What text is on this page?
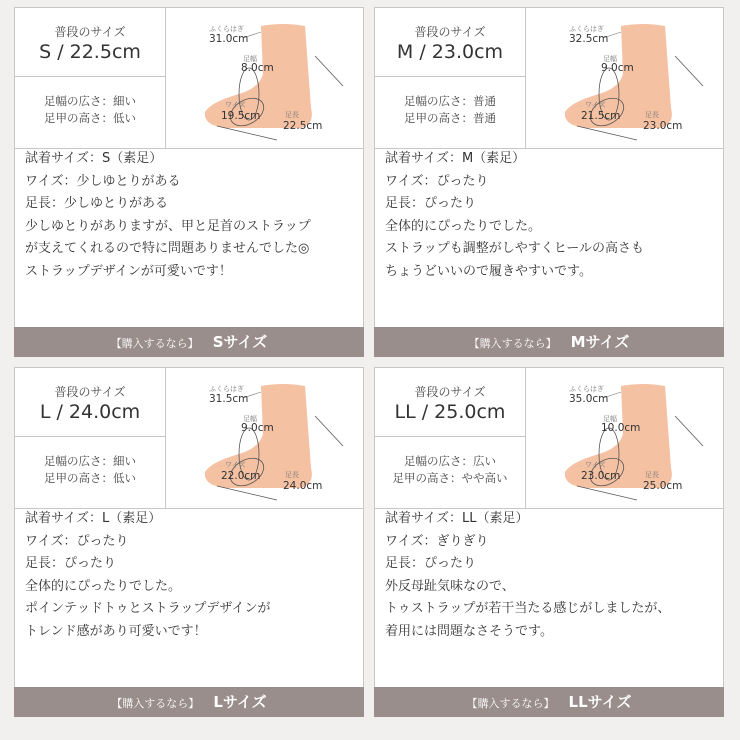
普段のサイズ
S / 22.5cm
足幅の広さ：細い
足甲の高さ：低い
ふくらはぎ
31.0cm
足幅
8.0cm
ワイズ
19.5cm	足長
22.5cm

試着サイズ：S（素足）

ワイズ：少しゆとりがある

足長：少しゆとりがある

少しゆとりがありますが、甲と足首のストラップ

が支えてくれるので特に問題ありませんでした◎

ストラップデザインが可愛いです！

【購入するなら】 Sサイズ
普段のサイズ
M / 23.0cm
足幅の広さ：普通
足甲の高さ：普通
ふくらはぎ
32.5cm
足幅
9.0cm
ワイズ
21.5cm	足長
23.0cm

試着サイズ：M（素足）

ワイズ：ぴったり

足長：ぴったり

全体的にぴったりでした。

ストラップも調整がしやすくヒールの高さも

ちょうどいいので履きやすいです。

【購入するなら】 Mサイズ
普段のサイズ
L / 24.0cm
足幅の広さ：細い
足甲の高さ：低い
ふくらはぎ
31.5cm
足幅
9.0cm
ワイズ
22.0cm	足長
24.0cm

試着サイズ：L（素足）

ワイズ：ぴったり

足長：ぴったり

全体的にぴったりでした。

ポインテッドトゥとストラップデザインが

トレンド感があり可愛いです！

【購入するなら】 Lサイズ
普段のサイズ
LL / 25.0cm
足幅の広さ：広い
足甲の高さ：やや高い
ふくらはぎ
35.0cm
足幅
10.0cm
ワイズ
23.0cm	足長
25.0cm

試着サイズ：LL（素足）

ワイズ：ぎりぎり

足長：ぴったり

外反母趾気味なので、

トゥストラップが若干当たる感じがしましたが、

着用には問題なさそうです。

【購入するなら】 LLサイズ
